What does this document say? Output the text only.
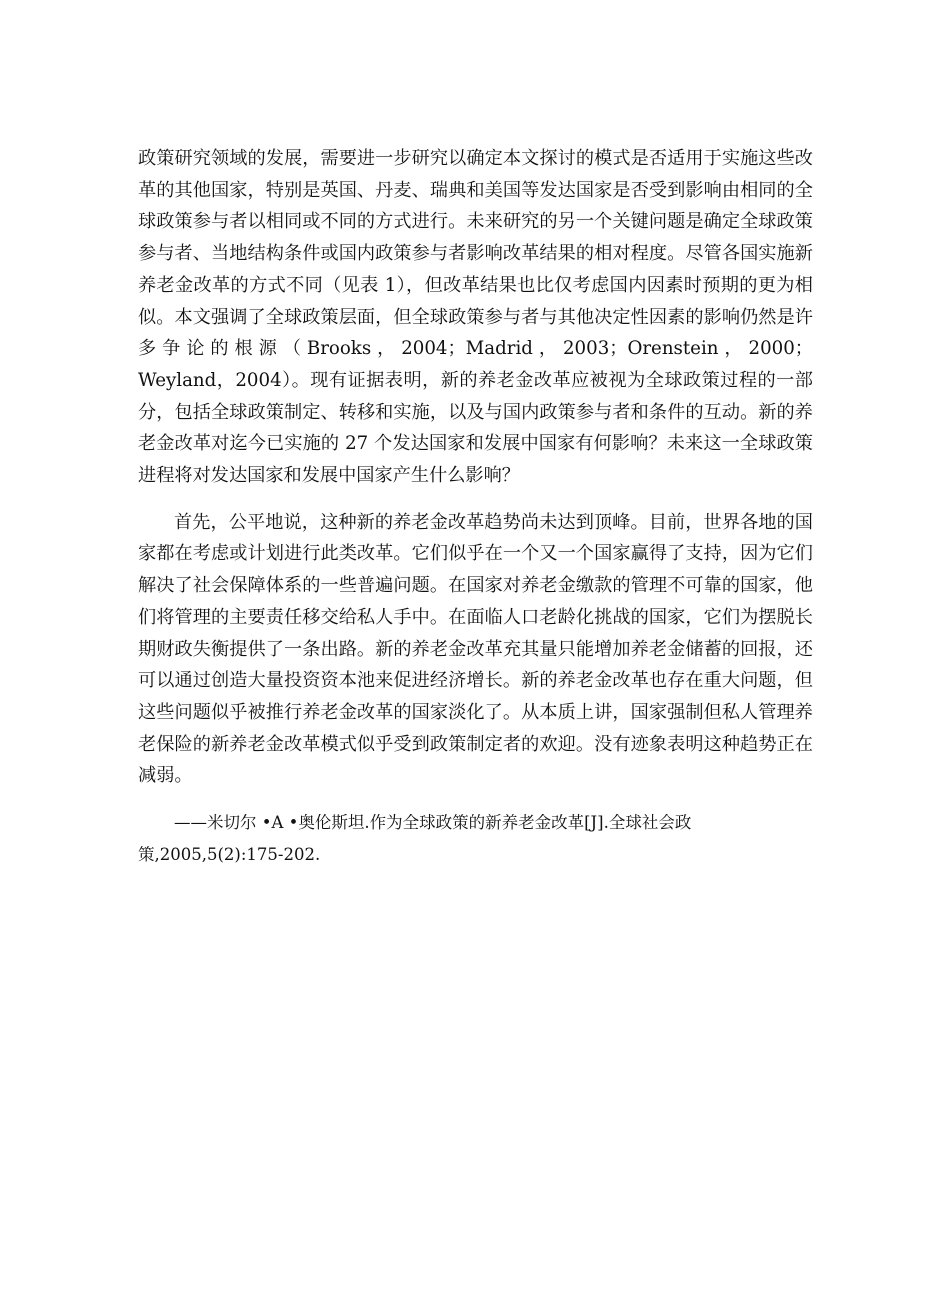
政策研究领域的发展，需要进一步研究以确定本文探讨的模式是否适用于实施这些改革的其他国家，特别是英国、丹麦、瑞典和美国等发达国家是否受到影响由相同的全球政策参与者以相同或不同的方式进行。未来研究的另一个关键问题是确定全球政策参与者、当地结构条件或国内政策参与者影响改革结果的相对程度。尽管各国实施新养老金改革的方式不同（见表 1），但改革结果也比仅考虑国内因素时预期的更为相似。本文强调了全球政策层面，但全球政策参与者与其他决定性因素的影响仍然是许多争论的根源（Brooks，2004；Madrid，2003；Orenstein，2000；Weyland，2004）。现有证据表明，新的养老金改革应被视为全球政策过程的一部分，包括全球政策制定、转移和实施，以及与国内政策参与者和条件的互动。新的养老金改革对迄今已实施的 27 个发达国家和发展中国家有何影响？未来这一全球政策进程将对发达国家和发展中国家产生什么影响？

首先，公平地说，这种新的养老金改革趋势尚未达到顶峰。目前，世界各地的国家都在考虑或计划进行此类改革。它们似乎在一个又一个国家赢得了支持，因为它们解决了社会保障体系的一些普遍问题。在国家对养老金缴款的管理不可靠的国家，他们将管理的主要责任移交给私人手中。在面临人口老龄化挑战的国家，它们为摆脱长期财政失衡提供了一条出路。新的养老金改革充其量只能增加养老金储蓄的回报，还可以通过创造大量投资资本池来促进经济增长。新的养老金改革也存在重大问题，但这些问题似乎被推行养老金改革的国家淡化了。从本质上讲，国家强制但私人管理养老保险的新养老金改革模式似乎受到政策制定者的欢迎。没有迹象表明这种趋势正在减弱。

——米切尔 •A •奥伦斯坦.作为全球政策的新养老金改革[J].全球社会政策,2005,5(2):175-202.
